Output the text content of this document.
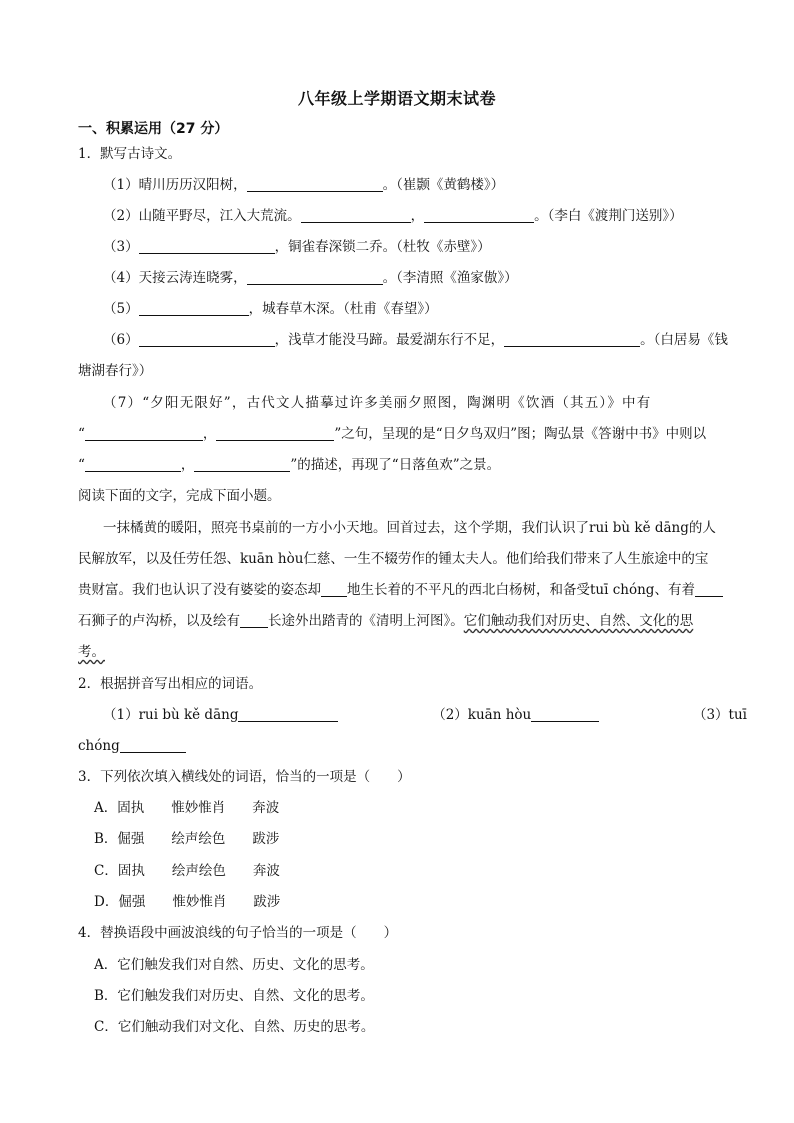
八年级上学期语文期末试卷
一、积累运用（27 分）
1．默写古诗文。
（1）晴川历历汉阳树，	。（崔颢《黄鹤楼》）
（2）山随平野尽，江入大荒流。	，	。（李白《渡荆门送别》）
（3）	，铜雀春深锁二乔。（杜牧《赤壁》）
（4）天接云涛连晓雾，	。（李清照《渔家傲》）
（5）	，城春草木深。（杜甫《春望》）
（6）	，浅草才能没马蹄。最爱湖东行不足，	。（白居易《钱
塘湖春行》）
（7）“夕阳无限好”，古代文人描摹过许多美丽夕照图，陶渊明《饮酒（其五）》中有
“	，	”之句，呈现的是“日夕鸟双归”图；陶弘景《答谢中书》中则以
“	，	”的描述，再现了“日落鱼欢”之景。
阅读下面的文字，完成下面小题。
一抹橘黄的暖阳，照亮书桌前的一方小小天地。回首过去，这个学期，我们认识了rui bù kě dāng的人
民解放军，以及任劳任怨、kuān hòu仁慈、一生不辍劳作的锺太夫人。他们给我们带来了人生旅途中的宝
贵财富。我们也认识了没有婆娑的姿态却 地生长着的不平凡的西北白杨树，和备受tuī chóng、有着
石狮子的卢沟桥，以及绘有 长途外出踏青的《清明上河图》。它们触动我们对历史、自然、文化的思
考。
2．根据拼音写出相应的词语。
（1）rui bù kě dāng	（2）kuān hòu	（3）tuī
chóng
3．下列依次填入横线处的词语，恰当的一项是（　　）
A．固执　　惟妙惟肖　　奔波
B．倔强　　绘声绘色　　跋涉
C．固执　　绘声绘色　　奔波
D．倔强　　惟妙惟肖　　跋涉
4．替换语段中画波浪线的句子恰当的一项是（　　）
A．它们触发我们对自然、历史、文化的思考。
B．它们触发我们对历史、自然、文化的思考。
C．它们触动我们对文化、自然、历史的思考。
